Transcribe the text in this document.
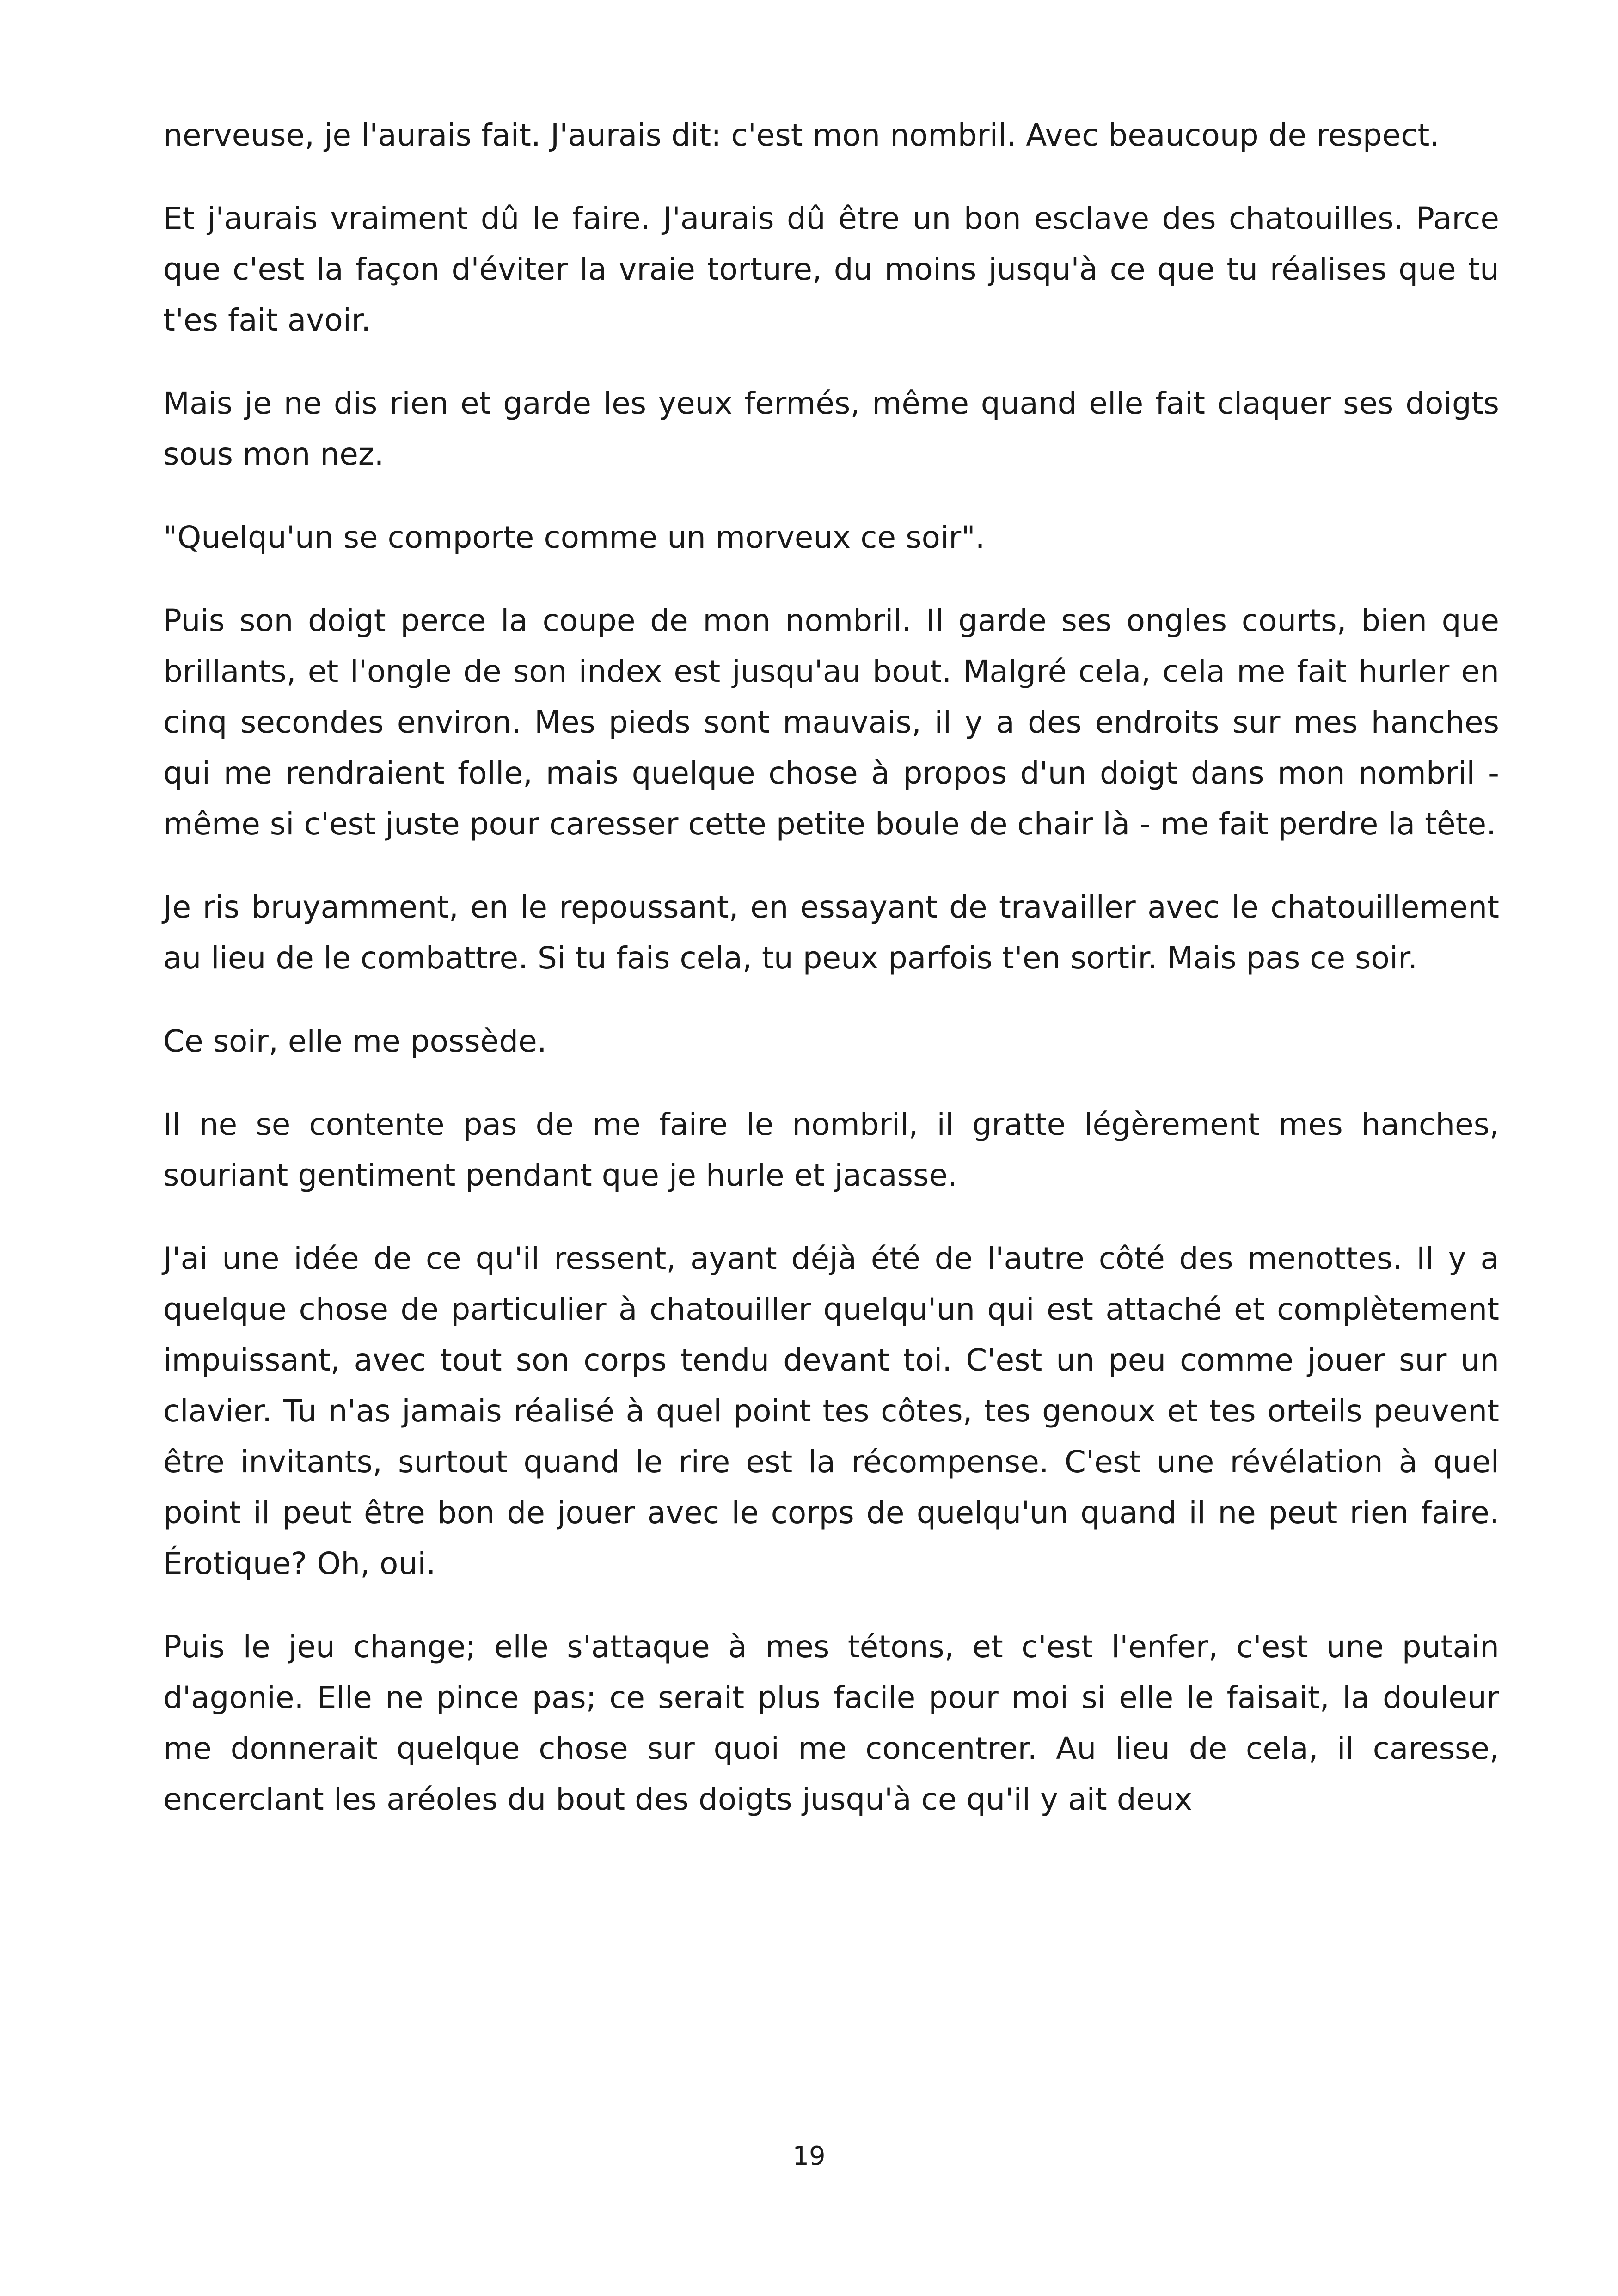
nerveuse, je l'aurais fait. J'aurais dit: c'est mon nombril. Avec beaucoup de respect.

Et j'aurais vraiment dû le faire. J'aurais dû être un bon esclave des chatouilles. Parce que c'est la façon d'éviter la vraie torture, du moins jusqu'à ce que tu réalises que tu t'es fait avoir.

Mais je ne dis rien et garde les yeux fermés, même quand elle fait claquer ses doigts sous mon nez.

"Quelqu'un se comporte comme un morveux ce soir".

Puis son doigt perce la coupe de mon nombril. Il garde ses ongles courts, bien que brillants, et l'ongle de son index est jusqu'au bout. Malgré cela, cela me fait hurler en cinq secondes environ. Mes pieds sont mauvais, il y a des endroits sur mes hanches qui me rendraient folle, mais quelque chose à propos d'un doigt dans mon nombril - même si c'est juste pour caresser cette petite boule de chair là - me fait perdre la tête.

Je ris bruyamment, en le repoussant, en essayant de travailler avec le chatouillement au lieu de le combattre. Si tu fais cela, tu peux parfois t'en sortir. Mais pas ce soir.

Ce soir, elle me possède.

Il ne se contente pas de me faire le nombril, il gratte légèrement mes hanches, souriant gentiment pendant que je hurle et jacasse.

J'ai une idée de ce qu'il ressent, ayant déjà été de l'autre côté des menottes. Il y a quelque chose de particulier à chatouiller quelqu'un qui est attaché et complètement impuissant, avec tout son corps tendu devant toi. C'est un peu comme jouer sur un clavier. Tu n'as jamais réalisé à quel point tes côtes, tes genoux et tes orteils peuvent être invitants, surtout quand le rire est la récompense. C'est une révélation à quel point il peut être bon de jouer avec le corps de quelqu'un quand il ne peut rien faire. Érotique? Oh, oui.

Puis le jeu change; elle s'attaque à mes tétons, et c'est l'enfer, c'est une putain d'agonie. Elle ne pince pas; ce serait plus facile pour moi si elle le faisait, la douleur me donnerait quelque chose sur quoi me concentrer. Au lieu de cela, il caresse, encerclant les aréoles du bout des doigts jusqu'à ce qu'il y ait deux

19
